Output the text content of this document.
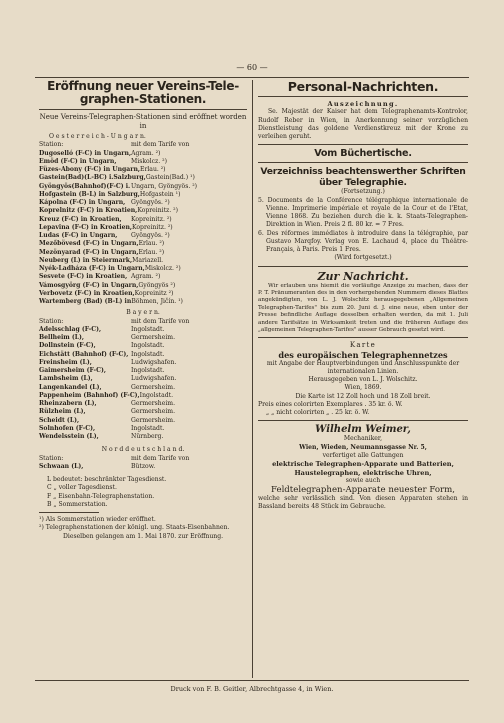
— 60 —
Eröffnung neuer Vereins-Tele-graphen-Stationen.
Neue Vereins-Telegraphen-Stationen sind eröffnet worden in
O e s t e r r e i c h - U n g a r n.
Station:	mit dem Tarife von
Dugoselló (F-C) in Ungarn, Agram. ²)
Emöd (F-C) in Ungarn,	Miskolcz. ²)
Füzes-Abony (F-C) in Ungarn, Erlau. ²)
Gastein(Bad)(L-BC) i.Salzburg, Gastein(Bad.) ¹)
Gyöngyös(Bahnhof)(F-C) i. Ungarn, Gyöngyös. ²)
Hofgastein (B-L) in Salzburg, Hofgastein ¹)
Kápolna (F-C) in Ungarn, Gyöngyös. ²)
Koprelnitz (F-C) in Kroatien, Kopreinitz. ²)
Kreuz (F-C) in Kroatien,	Kopreinitz. ²)
Lepavina (F-C) in Kroatien, Kopreinitz. ²)
Ludas (F-C) in Ungarn,	Gyöngyös. ²)
Mezőbövesd (F-C) in Ungarn, Erlau. ²)
Mezönyarad (F-C) in Ungarn, Erlau. ²)
Neuberg (L) in Steiermark, Mariazell.
Nyék-Ladháza (F-C) in Ungarn, Miskolcz. ²)
Sesvete (F-C) in Kroatien, Agram. ²)
Vámosgyörg (F-C) in Ungarn, Gyöngyös ²)
Verbovetz (F-C) in Kroatien, Kopreinitz ²)
Wartemberg (Bad) (B-L) in Böhmen, Jičín. ¹)
B a y e r n.
Station:	mit dem Tarife von
Adelsschlag (F-C),	Ingolstadt.
Bellheim (L),	Germersheim.
Dollnstein (F-C),	Ingolstadt.
Eichstätt (Bahnhof) (F-C), Ingolstadt.
Freinsheim (L),	Ludwigshafen.
Gaimersheim (F-C),	Ingolstadt.
Lambsheim (L),	Ludwigshafen.
Langenkandel (L),	Germersheim.
Pappenheim (Bahnhof) (F-C), Ingolstadt.
Rheinzabern (L),	Germersheim.
Rülzheim (L),	Germersheim.
Scheidt (L),	Germersheim.
Solnhofen (F-C),	Ingolstadt.
Wendelsstein (L),	Nürnberg.
N o r d d e u t s c h l a n d.
Station:	mit dem Tarife von
Schwaan (L),	Bützow.
L bedeutet: beschränkter Tagesdienst.
C „ voller Tagesdienst.
F „ Eisenbahn-Telegraphenstation.
B „ Sommerstation.
¹) Als Sommerstation wieder eröffnet.
²) Telegraphenstationen der königl. ung. Staats-Eisenbahnen.
Dieselben gelangen am 1. Mai 1870. zur Eröffnung.
Personal-Nachrichten.
Auszeichnung.
Se. Majestät der Kaiser hat dem Telegraphenamts-Kontrolor, Rudolf Reber in Wien, in Anerkennung seiner vorzüglichen Dienstleistung das goldene Verdienstkreuz mit der Krone zu verleihen geruht.
Vom Büchertische.
Verzeichniss beachtenswerther Schriften über Telegraphie.
(Fortsetzung.)
5. Documents de la Conférence télégraphique internationale de Vienne. Imprimerie impériale et royale de la Cour et de l'Etat, Vienne 1868. Zu beziehen durch die k. k. Staats-Telegraphen-Direktion in Wien. Preis 2 fl. 80 kr. = 7 Fres.
6. Des réformes immédiates à introduire dans la télégraphie, par Gustavo Marqfoy. Verlag von E. Lachaud 4, place du Théâtre-Français, à Paris. Preis 1 Fres.
(Wird fortgesetzt.)
Zur Nachricht.
Wir erlauben uns hiemit die vorläufige Anzeige zu machen, dass der P. T. Pränumeranten des in den vorhergehenden Nummern dieses Blattes angekündigten, von L. J. Wolschitz herausgegebenen „Allgemeinen Telegraphen-Tarifes" bis zum 20. Juni d. J. eine neue, eben unter der Presse befindliche Auflage desselben erhalten werden, da mit 1. Juli andere Tarifsätze in Wirksamkeit treten und die früheren Auflage des „allgemeinen Telegraphen-Tarifes" ausser Gebrauch gesetzt wird.
Karte
des europäischen Telegraphennetzes
mit Angabe der Hauptverbindungen und Anschlusspunkte der internationalen Linien.
Herausgegeben von L. J. Wolschitz.
Wien, 1869.
Die Karte ist 12 Zoll hoch und 18 Zoll breit.
Preis eines colorirten Exemplares . 35 kr. ö. W.
„ „ nicht colorirten „ . 25 kr. ö. W.
Wilhelm Weimer,
Mechaniker,
Wien, Wieden, Neumannsgasse Nr. 5,
verfertiget alle Gattungen
elektrische Telegraphen-Apparate und Batterien, Haustelegraphen, elektrische Uhren,
sowie auch
Feldtelegraphen-Apparate neuester Form,
welche sehr verlässlich sind. Von diesen Apparaten stehen in Bassland bereits 48 Stück im Gebrauche.
Druck von F. B. Geitler, Albrechtgasse 4, in Wien.
